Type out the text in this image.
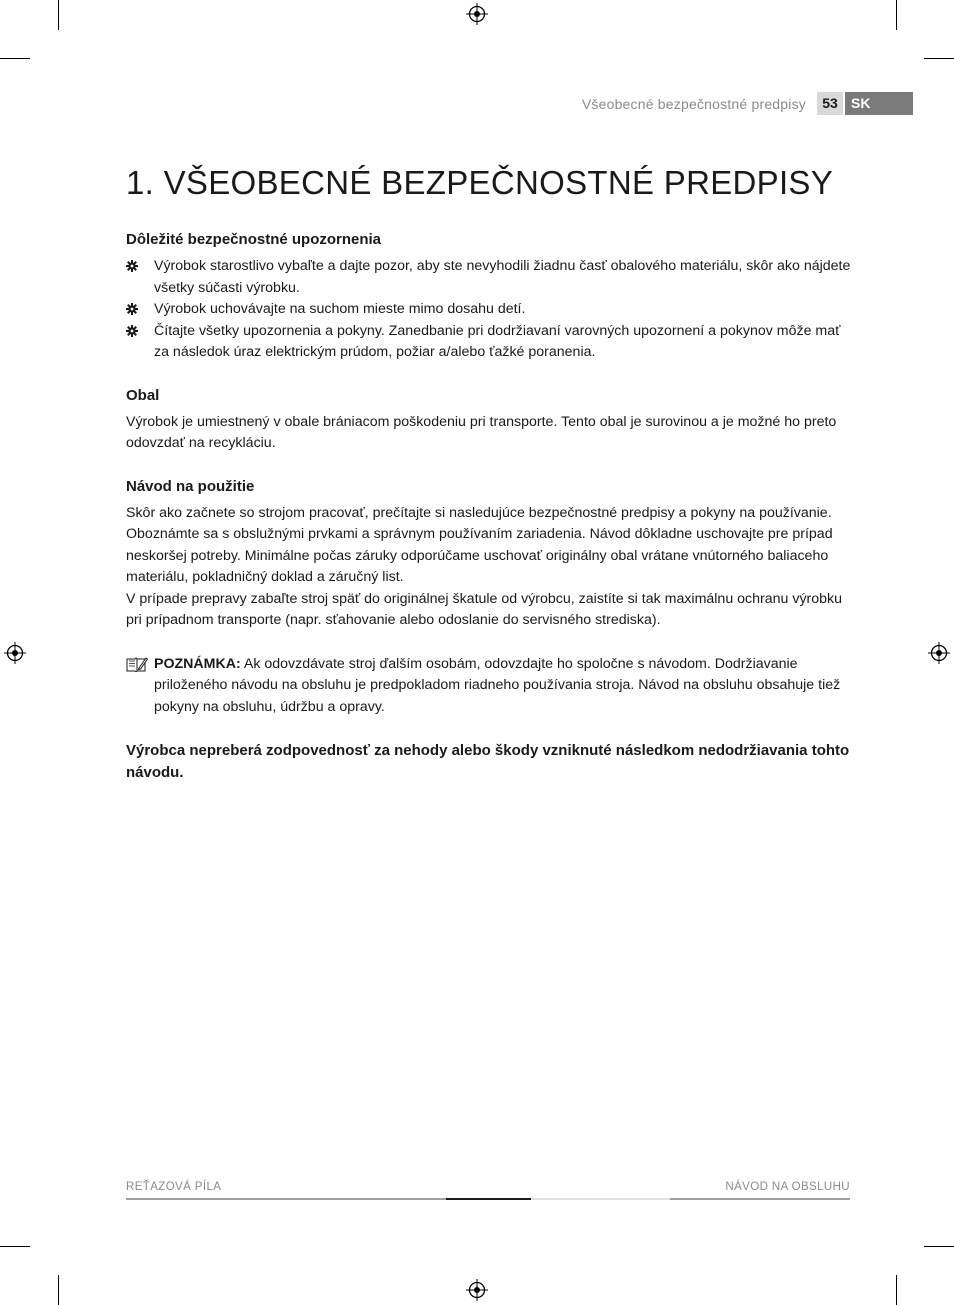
Všeobecné bezpečnostné predpisy	53 SK
1. VŠEOBECNÉ BEZPEČNOSTNÉ PREDPISY
Dôležité bezpečnostné upozornenia
Výrobok starostlivo vybaľte a dajte pozor, aby ste nevyhodili žiadnu časť obalového materiálu, skôr ako nájdete všetky súčasti výrobku.
Výrobok uchovávajte na suchom mieste mimo dosahu detí.
Čítajte všetky upozornenia a pokyny. Zanedbanie pri dodržiavaní varovných upozornení a pokynov môže mať za následok úraz elektrickým prúdom, požiar a/alebo ťažké poranenia.
Obal

Výrobok je umiestnený v obale brániacom poškodeniu pri transporte. Tento obal je surovinou a je možné ho preto odovzdať na recykláciu.

Návod na použitie

Skôr ako začnete so strojom pracovať, prečítajte si nasledujúce bezpečnostné predpisy a pokyny na používanie. Oboznámte sa s obslužnými prvkami a správnym používaním zariadenia. Návod dôkladne uschovajte pre prípad neskoršej potreby. Minimálne počas záruky odporúčame uschovať originálny obal vrátane vnútorného baliaceho materiálu, pokladničný doklad a záručný list.

V prípade prepravy zabaľte stroj späť do originálnej škatule od výrobcu, zaistíte si tak maximálnu ochranu výrobku pri prípadnom transporte (napr. sťahovanie alebo odoslanie do servisného strediska).

POZNÁMKA: Ak odovzdávate stroj ďalším osobám, odovzdajte ho spoločne s návodom. Dodržiavanie priloženého návodu na obsluhu je predpokladom riadneho používania stroja. Návod na obsluhu obsahuje tiež pokyny na obsluhu, údržbu a opravy.

Výrobca nepreberá zodpovednosť za nehody alebo škody vzniknuté následkom nedodržiavania tohto návodu.

REŤAZOVÁ PÍLA	NÁVOD NA OBSLUHU
